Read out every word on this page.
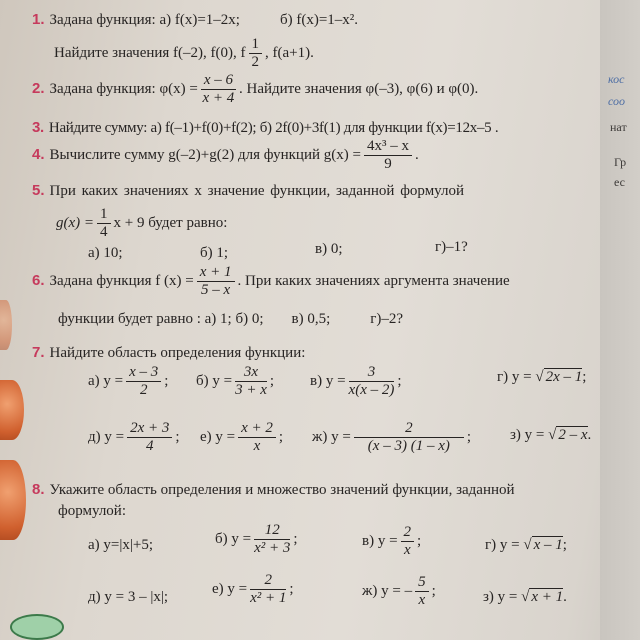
кос
соо
нат
Гр
ес
1. Задана функция: а) f(x)=1–2x;	б) f(x)=1–x².
Найдите значения f(–2), f(0), f $\frac{1}{2}$ , f(a+1).
2. Задана функция: $\varphi(x) = \frac{x - 6}{x + 4}$ . Найдите значения φ(–3), φ(6) и φ(0).
3. Найдите сумму: а) f(–1)+f(0)+f(2); б) 2f(0)+3f(1) для функции f(x)=12x–5 .
4. Вычислите сумму g(–2)+g(2) для функций $g(x) = \frac{\text{4x³ – x}}{9}$ .
5. При каких значениях x значение функции, заданной формулой
$g(x) = \frac{1}{4}$ x + 9 будет равно:
а) 10;	б) 1;	в) 0;	г)–1?
6. Задана функция f $(x) = \frac{x + 1}{5 - x}$ . При каких значениях аргумента значение
функции будет равно : а) 1; б) 0; в) 0,5;	г)–2?
7. Найдите область определения функции:
а) $y = \frac{x - 3}{2}$ ; б) $y = \frac{3x}{3 + x}$ ; в) $y = \frac{3}{x(x - 2)}$ ;	г) y = √ 2x – 1;
д) $y = \frac{2x + 3}{4}$ ; е) $y = \frac{x + 2}{x}$ ; ж) $y = \frac{2}{(x - 3) (1 - x)}$ ;	з) y = √ 2 – x.
8. Укажите область определения и множество значений функции, заданной
формулой:
а) y=|x|+5;	б) $y = \frac{12}{\text{x² + 3}}$ ;	в) $y = \frac{2}{x}$ ;	г) y = √ x – 1;
д) y = 3 – |x|;	е) $y = \frac{2}{\text{x² + 1}}$ ;	ж) y = – $\frac{5}{x}$ ;	з) y = √ x + 1.
